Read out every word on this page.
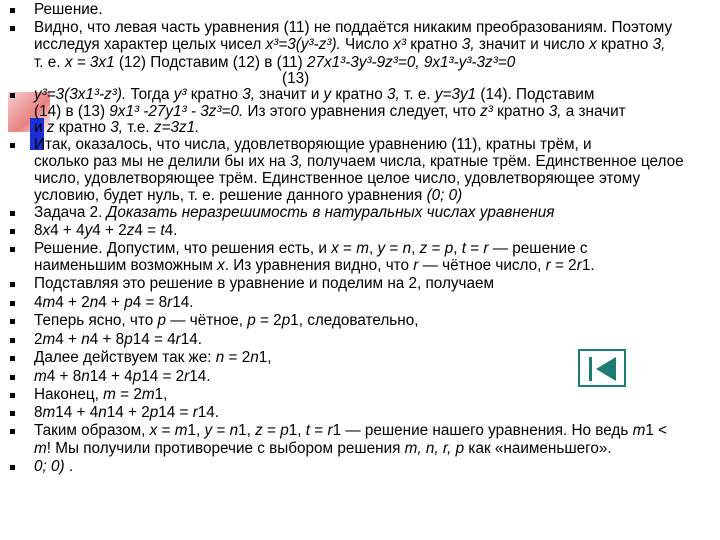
Решение.
Видно, что левая часть уравнения (11) не поддаётся никаким преобразованиям. Поэтому
исследуя характер целых чисел x³=3(y³-z³). Число x³ кратно 3, значит и число x кратно 3,
т. е. x = 3x1 (12) Подставим (12) в (11) 27x1³-3y³-9z³=0, 9x1³-y³-3z³=0
(13)
y³=3(3x1³-z³). Тогда y³ кратно 3, значит и y кратно 3, т. е. y=3y1 (14). Подставим
(14) в (13) 9x1³ -27y1³ - 3z³=0. Из этого уравнения следует, что z³ кратно 3, а значит
и z кратно 3, т.е. z=3z1.
Итак, оказалось, что числа, удовлетворяющие уравнению (11), кратны трём, и
сколько раз мы не делили бы их на 3, получаем числа, кратные трём. Единственное целое
число, удовлетворяющее трём. Единственное целое число, удовлетворяющее этому
условию, будет нуль, т. е. решение данного уравнения (0; 0)
Задача 2. Доказать неразрешимость в натуральных числах уравнения
8x4 + 4y4 + 2z4 = t4.
Решение. Допустим, что решения есть, и x = m, y = n, z = p, t = r — решение с
наименьшим возможным x. Из уравнения видно, что r — чётное число, r = 2r1.
Подставляя это решение в уравнение и поделим на 2, получаем
4m4 + 2n4 + p4 = 8r14.
Теперь ясно, что p — чётное, p = 2p1, следовательно,
2m4 + n4 + 8p14 = 4r14.
Далее действуем так же: n = 2n1,
m4 + 8n14 + 4p14 = 2r14.
Наконец, m = 2m1,
8m14 + 4n14 + 2p14 = r14.
Таким образом, x = m1, y = n1, z = p1, t = r1 — решение нашего уравнения. Но ведь m1 <
m! Мы получили противоречие с выбором решения m, n, r, p как «наименьшего».
0; 0) .
